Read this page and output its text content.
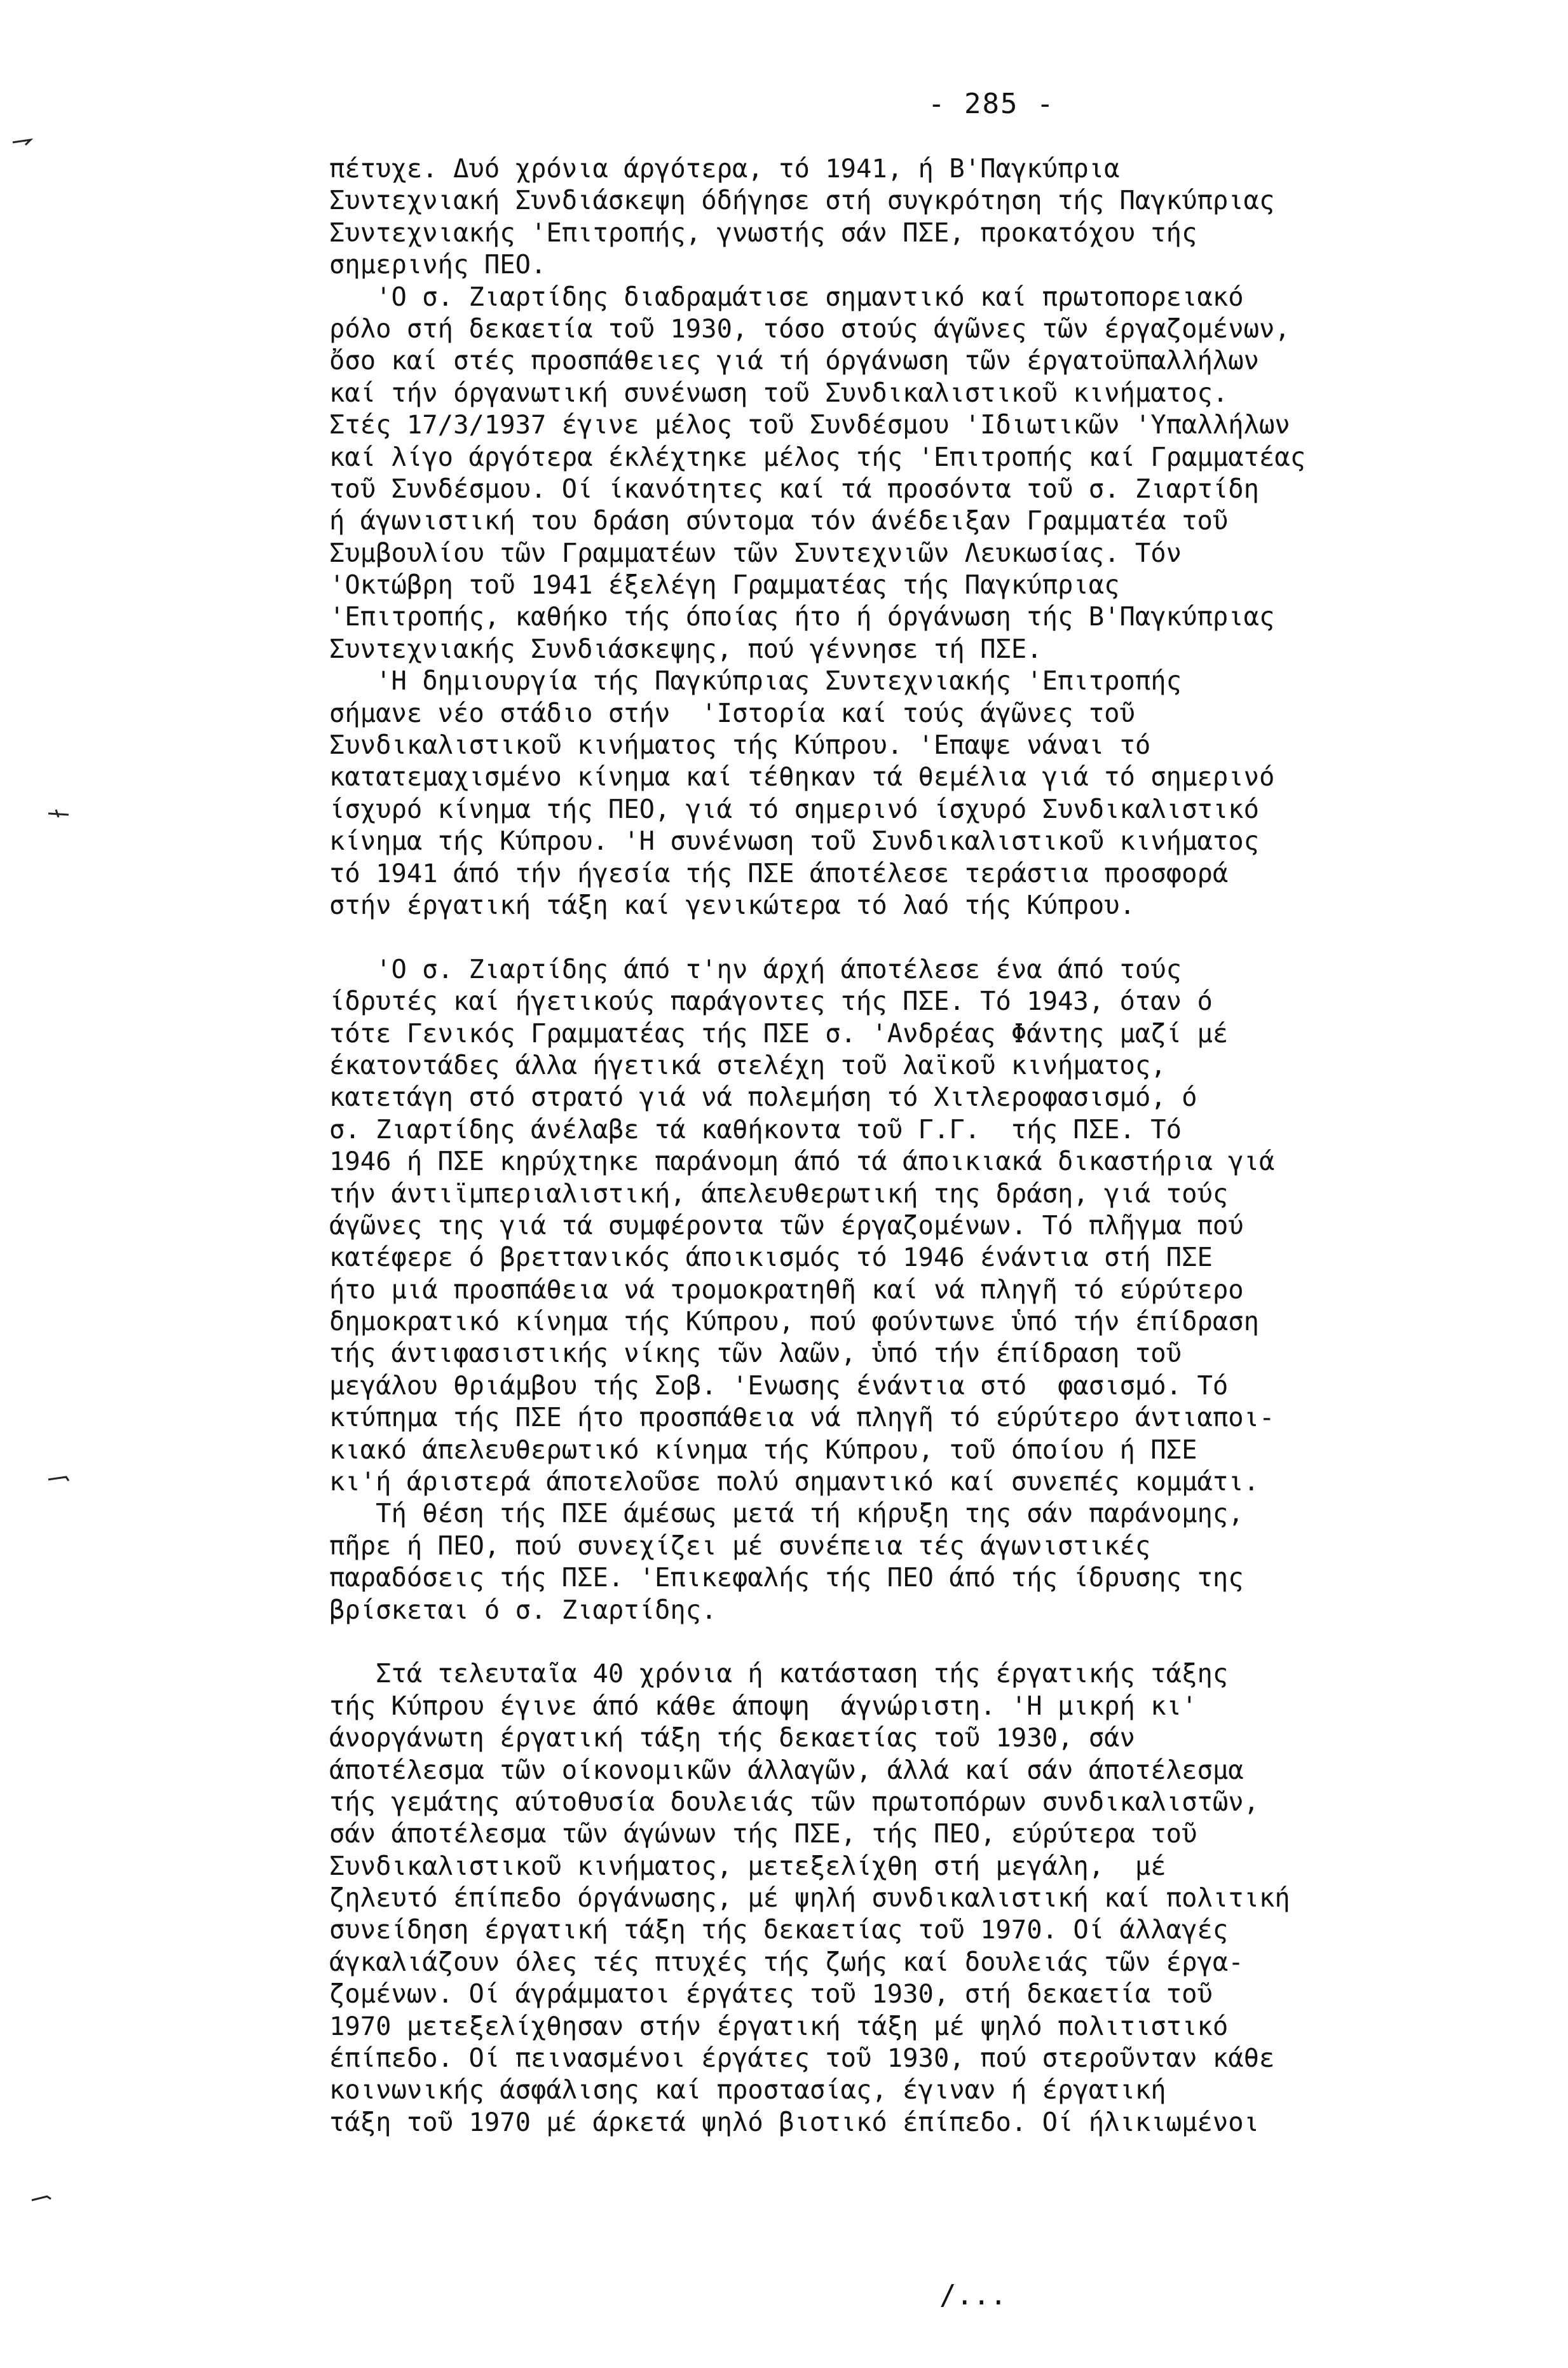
- 285 -
πέτυχε. Δυό χρόνια άργότερα, τό 1941, ή Β'Παγκύπρια
Συντεχνιακή Συνδιάσκεψη όδήγησε στή συγκρότηση τής Παγκύπριας
Συντεχνιακής 'Επιτροπής, γνωστής σάν ΠΣΕ, προκατόχου τής
σημερινής ΠΕΟ.
'Ο σ. Ζιαρτίδης διαδραμάτισε σημαντικό καί πρωτοπορειακό
ρόλο στή δεκαετία τοῦ 1930, τόσο στούς άγῶνες τῶν έργαζομένων,
ὄσο καί στές προσπάθειες γιά τή όργάνωση τῶν έργατοϋπαλλήλων
καί τήν όργανωτική συνένωση τοῦ Συνδικαλιστικοῦ κινήματος.
Στές 17/3/1937 έγινε μέλος τοῦ Συνδέσμου 'Ιδιωτικῶν 'Υπαλλήλων
καί λίγο άργότερα έκλέχτηκε μέλος τής 'Επιτροπής καί Γραμματέας
τοῦ Συνδέσμου. Οί ίκανότητες καί τά προσόντα τοῦ σ. Ζιαρτίδη
ή άγωνιστική του δράση σύντομα τόν άνέδειξαν Γραμματέα τοῦ
Συμβουλίου τῶν Γραμματέων τῶν Συντεχνιῶν Λευκωσίας. Τόν
'Οκτώβρη τοῦ 1941 έξελέγη Γραμματέας τής Παγκύπριας
'Επιτροπής, καθήκο τής όποίας ήτο ή όργάνωση τής Β'Παγκύπριας
Συντεχνιακής Συνδιάσκεψης, πού γέννησε τή ΠΣΕ.
'Η δημιουργία τής Παγκύπριας Συντεχνιακής 'Επιτροπής
σήμανε νέο στάδιο στήν  'Ιστορία καί τούς άγῶνες τοῦ
Συνδικαλιστικοῦ κινήματος τής Κύπρου. 'Επαψε νάναι τό
κατατεμαχισμένο κίνημα καί τέθηκαν τά θεμέλια γιά τό σημερινό
ίσχυρό κίνημα τής ΠΕΟ, γιά τό σημερινό ίσχυρό Συνδικαλιστικό
κίνημα τής Κύπρου. 'Η συνένωση τοῦ Συνδικαλιστικοῦ κινήματος
τό 1941 άπό τήν ήγεσία τής ΠΣΕ άποτέλεσε τεράστια προσφορά
στήν έργατική τάξη καί γενικώτερα τό λαό τής Κύπρου.
'Ο σ. Ζιαρτίδης άπό τ'ην άρχή άποτέλεσε ένα άπό τούς
ίδρυτές καί ήγετικούς παράγοντες τής ΠΣΕ. Τό 1943, όταν ό
τότε Γενικός Γραμματέας τής ΠΣΕ σ. 'Ανδρέας Φάντης μαζί μέ
έκατοντάδες άλλα ήγετικά στελέχη τοῦ λαϊκοῦ κινήματος,
κατετάγη στό στρατό γιά νά πολεμήση τό Χιτλεροφασισμό, ό
σ. Ζιαρτίδης άνέλαβε τά καθήκοντα τοῦ Γ.Γ.  τής ΠΣΕ. Τό
1946 ή ΠΣΕ κηρύχτηκε παράνομη άπό τά άποικιακά δικαστήρια γιά
τήν άντιϊμπεριαλιστική, άπελευθερωτική της δράση, γιά τούς
άγῶνες της γιά τά συμφέροντα τῶν έργαζομένων. Τό πλῆγμα πού
κατέφερε ό βρεττανικός άποικισμός τό 1946 ένάντια στή ΠΣΕ
ήτο μιά προσπάθεια νά τρομοκρατηθῆ καί νά πληγῆ τό εύρύτερο
δημοκρατικό κίνημα τής Κύπρου, πού φούντωνε ὑπό τήν έπίδραση
τής άντιφασιστικής νίκης τῶν λαῶν, ὑπό τήν έπίδραση τοῦ
μεγάλου θριάμβου τής Σοβ. 'Ενωσης ένάντια στό  φασισμό. Τό
κτύπημα τής ΠΣΕ ήτο προσπάθεια νά πληγῆ τό εύρύτερο άντιαποι-
κιακό άπελευθερωτικό κίνημα τής Κύπρου, τοῦ όποίου ή ΠΣΕ
κι'ή άριστερά άποτελοῦσε πολύ σημαντικό καί συνεπές κομμάτι.
Τή θέση τής ΠΣΕ άμέσως μετά τή κήρυξη της σάν παράνομης,
πῆρε ή ΠΕΟ, πού συνεχίζει μέ συνέπεια τές άγωνιστικές
παραδόσεις τής ΠΣΕ. 'Επικεφαλής τής ΠΕΟ άπό τής ίδρυσης της
βρίσκεται ό σ. Ζιαρτίδης.
Στά τελευταῖα 40 χρόνια ή κατάσταση τής έργατικής τάξης
τής Κύπρου έγινε άπό κάθε άποψη  άγνώριστη. 'Η μικρή κι'
άνοργάνωτη έργατική τάξη τής δεκαετίας τοῦ 1930, σάν
άποτέλεσμα τῶν οίκονομικῶν άλλαγῶν, άλλά καί σάν άποτέλεσμα
τής γεμάτης αύτοθυσία δουλειάς τῶν πρωτοπόρων συνδικαλιστῶν,
σάν άποτέλεσμα τῶν άγώνων τής ΠΣΕ, τής ΠΕΟ, εύρύτερα τοῦ
Συνδικαλιστικοῦ κινήματος, μετεξελίχθη στή μεγάλη,  μέ
ζηλευτό έπίπεδο όργάνωσης, μέ ψηλή συνδικαλιστική καί πολιτική
συνείδηση έργατική τάξη τής δεκαετίας τοῦ 1970. Οί άλλαγές
άγκαλιάζουν όλες τές πτυχές τής ζωής καί δουλειάς τῶν έργα-
ζομένων. Οί άγράμματοι έργάτες τοῦ 1930, στή δεκαετία τοῦ
1970 μετεξελίχθησαν στήν έργατική τάξη μέ ψηλό πολιτιστικό
έπίπεδο. Οί πεινασμένοι έργάτες τοῦ 1930, πού στεροῦνταν κάθε
κοινωνικής άσφάλισης καί προστασίας, έγιναν ή έργατική
τάξη τοῦ 1970 μέ άρκετά ψηλό βιοτικό έπίπεδο. Οί ήλικιωμένοι
/...
